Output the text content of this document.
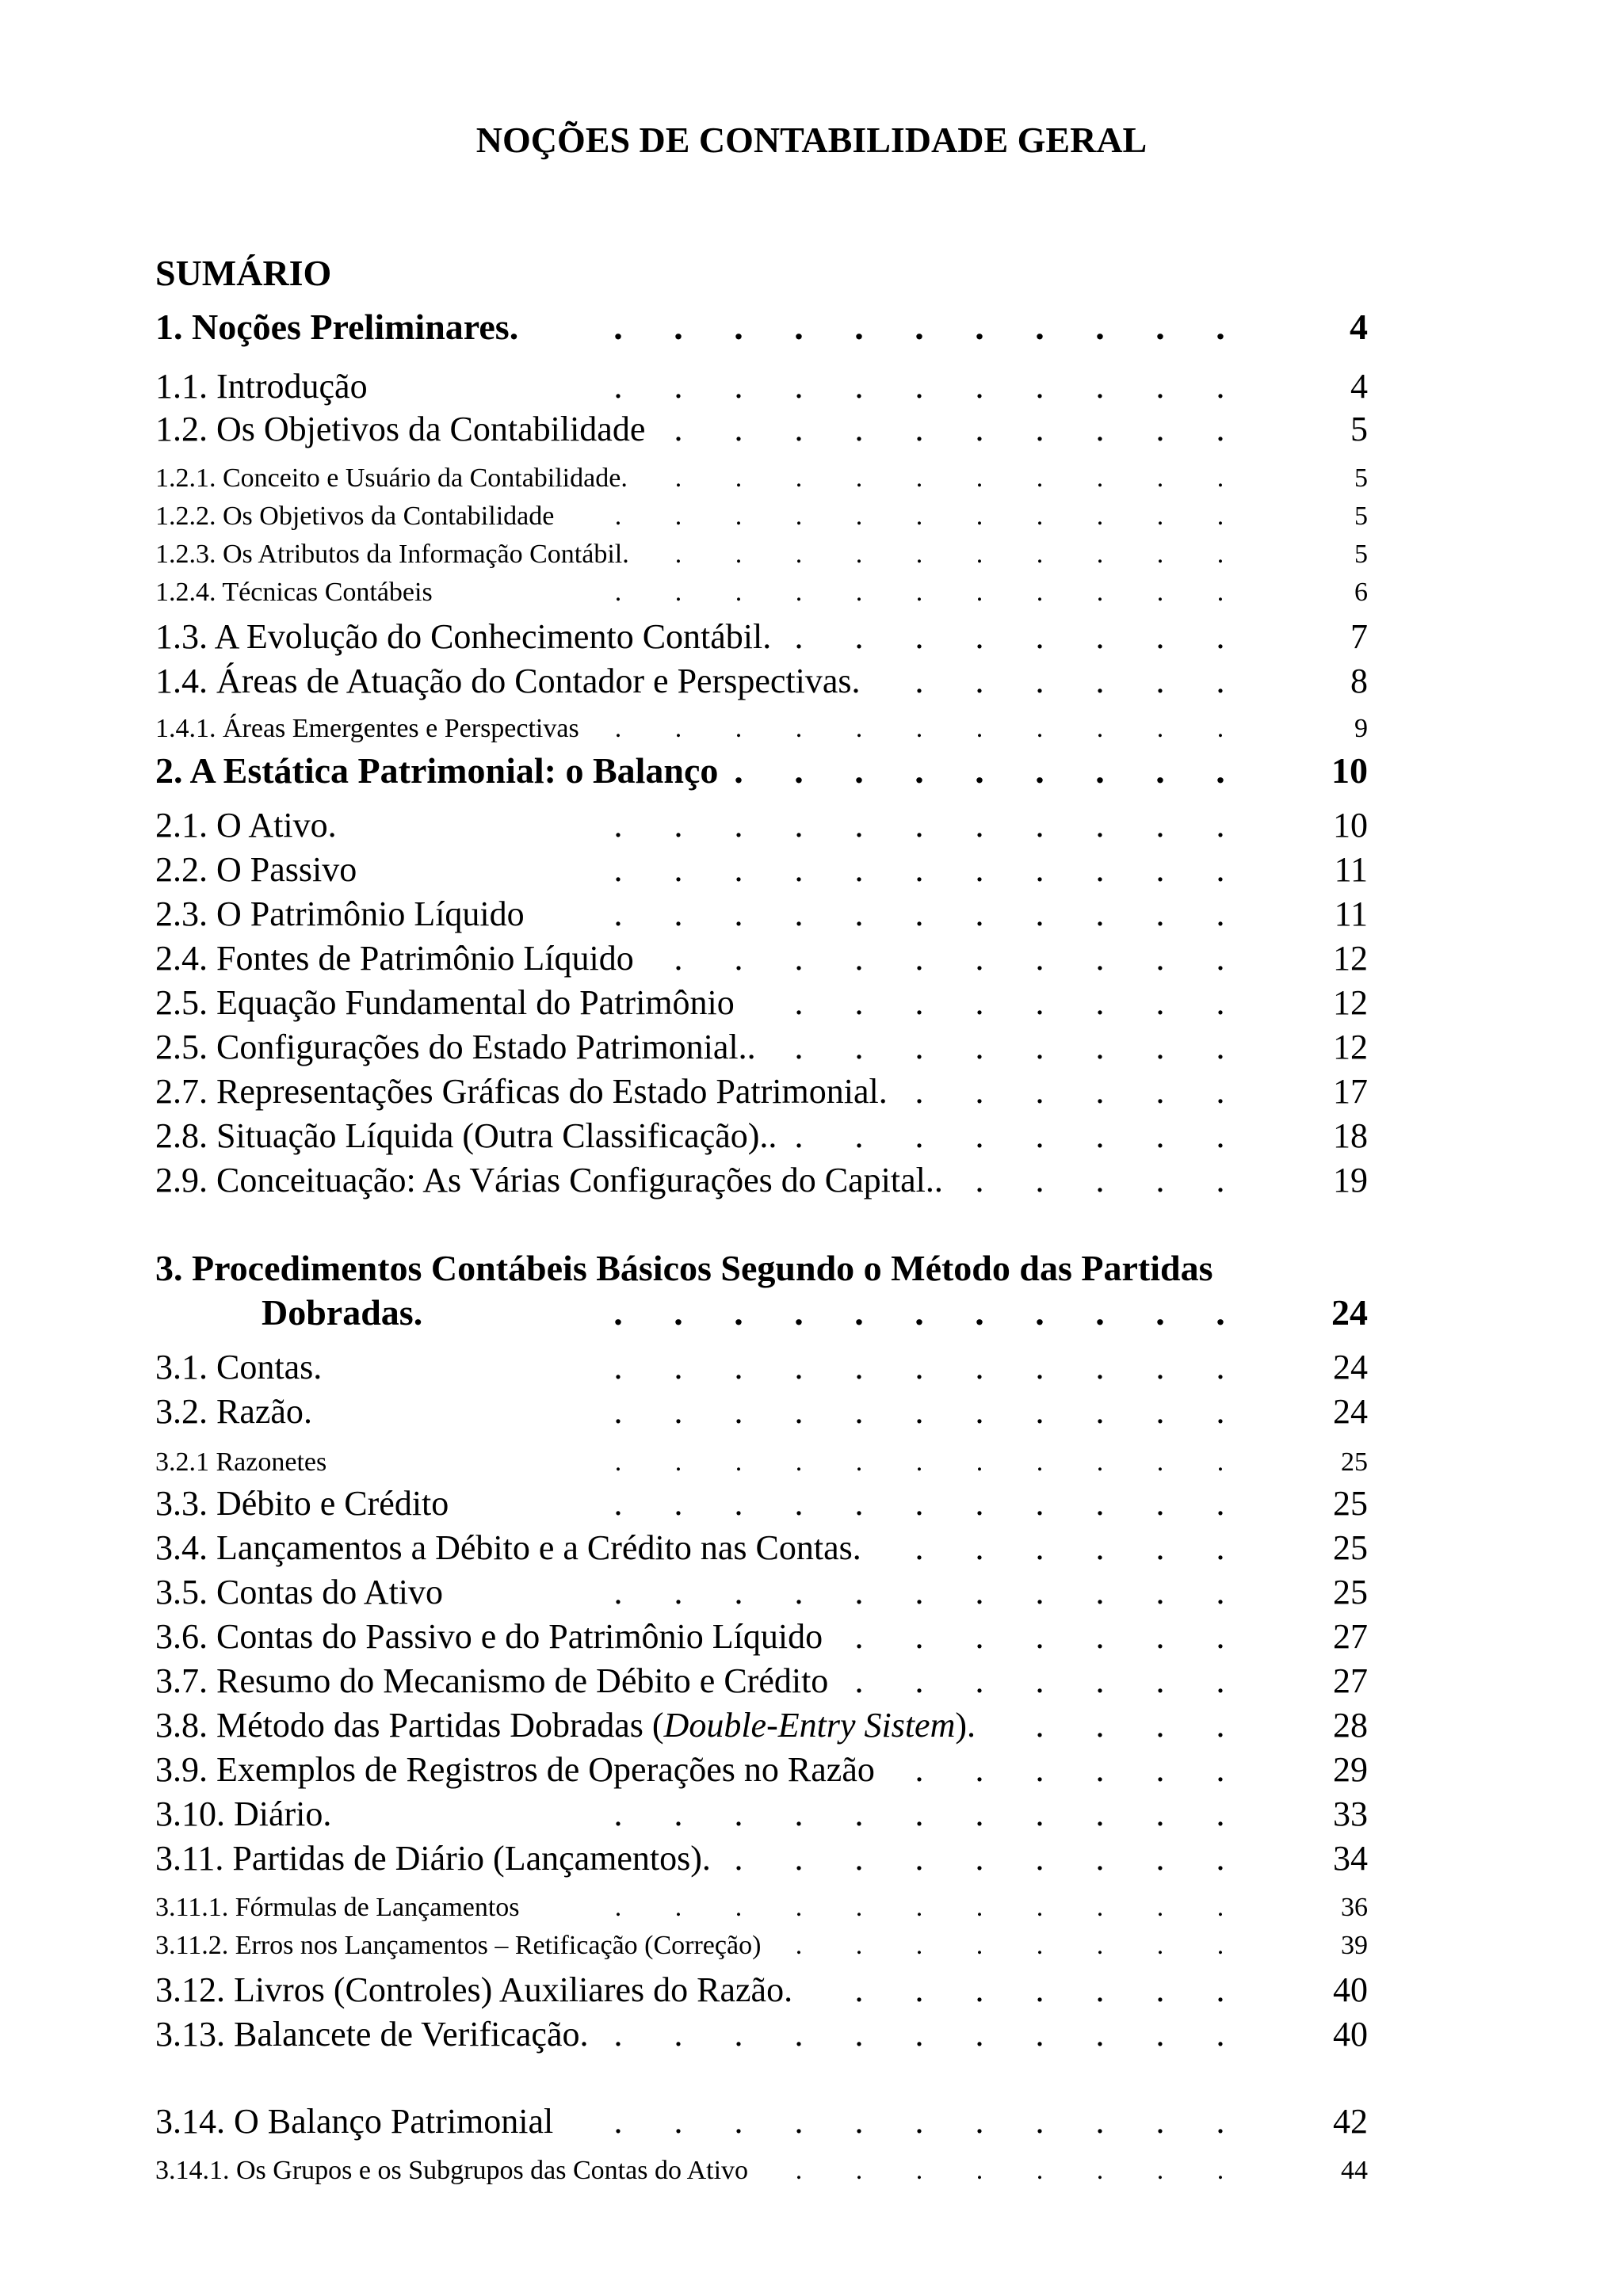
NOÇÕES DE CONTABILIDADE GERAL
SUMÁRIO
1. Noções Preliminares.	. . . . . . . . . . .	4
1.1. Introdução	. . . . . . . . . . .	4
1.2. Os Objetivos da Contabilidade . . . . . . . . . .	5
1.2.1. Conceito e Usuário da Contabilidade. . . . . . . . . . .	5
1.2.2. Os Objetivos da Contabilidade . . . . . . . . . . .	5
1.2.3. Os Atributos da Informação Contábil. . . . . . . . . . .	5
1.2.4. Técnicas Contábeis	. . . . . . . . . . .	6
1.3. A Evolução do Conhecimento Contábil. . . . . . . . .	7
1.4. Áreas de Atuação do Contador e Perspectivas. . . . . . .	8
1.4.1. Áreas Emergentes e Perspectivas . . . . . . . . . . .	9
2. A Estática Patrimonial: o Balanço . . . . . . . . .	10
2.1. O Ativo.	. . . . . . . . . . .	10
2.2. O Passivo	. . . . . . . . . . .	11
2.3. O Patrimônio Líquido	. . . . . . . . . . .	11
2.4. Fontes de Patrimônio Líquido . . . . . . . . . .	12
2.5. Equação Fundamental do Patrimônio . . . . . . . .	12
2.5. Configurações do Estado Patrimonial.. . . . . . . . .	12
2.7. Representações Gráficas do Estado Patrimonial. . . . . . .	17
2.8. Situação Líquida (Outra Classificação).. . . . . . . . .	18
2.9. Conceituação: As Várias Configurações do Capital.. . . . . .	19
3. Procedimentos Contábeis Básicos Segundo o Método das Partidas
Dobradas.	. . . . . . . . . . .	24
3.1. Contas.	. . . . . . . . . . .	24
3.2. Razão.	. . . . . . . . . . .	24
3.2.1 Razonetes	. . . . . . . . . . .	25
3.3. Débito e Crédito	. . . . . . . . . . .	25
3.4. Lançamentos a Débito e a Crédito nas Contas. . . . . . .	25
3.5. Contas do Ativo	. . . . . . . . . . .	25
3.6. Contas do Passivo e do Patrimônio Líquido . . . . . . .	27
3.7. Resumo do Mecanismo de Débito e Crédito . . . . . . .	27
3.8. Método das Partidas Dobradas (Double-Entry Sistem). . . . .	28
3.9. Exemplos de Registros de Operações no Razão . . . . . .	29
3.10. Diário.	. . . . . . . . . . .	33
3.11. Partidas de Diário (Lançamentos). . . . . . . . . .	34
3.11.1. Fórmulas de Lançamentos	. . . . . . . . . . .	36
3.11.2. Erros nos Lançamentos – Retificação (Correção) . . . . . . . .	39
3.12. Livros (Controles) Auxiliares do Razão. . . . . . . .	40
3.13. Balancete de Verificação. . . . . . . . . . . .	40
3.14. O Balanço Patrimonial . . . . . . . . . . .	42
3.14.1. Os Grupos e os Subgrupos das Contas do Ativo . . . . . . . .	44
